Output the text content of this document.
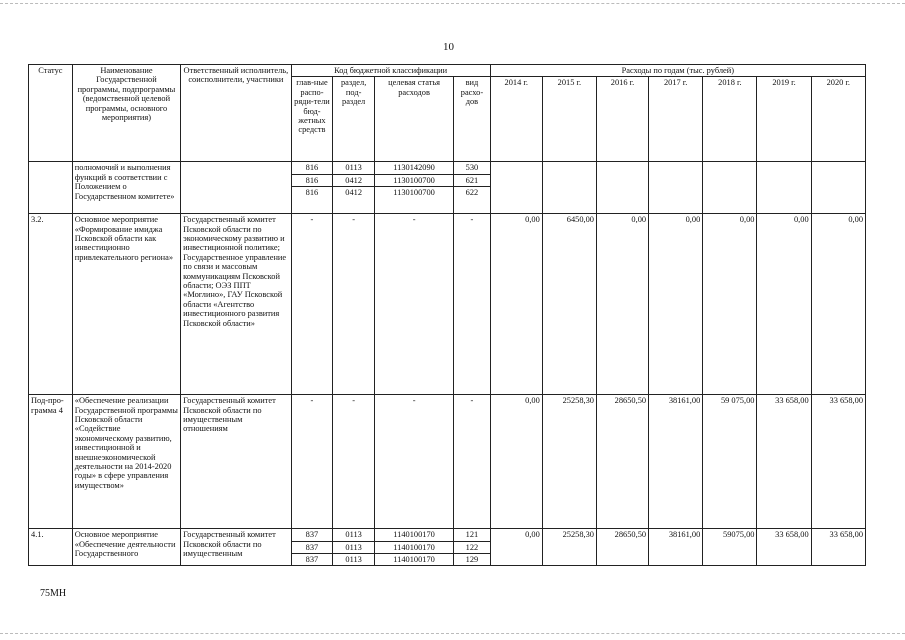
10
Статус	Наименование Государственной программы, подпрограммы (ведомственной целевой программы, основного мероприятия)	Ответственный исполнитель, соисполнители, участники	Код бюджетной классификации				Расходы по годам (тыс. рублей)						
			глав-ные распо-ряди-тели бюд-жетных средств	раздел, под-раздел	целевая статья расходов	вид расхо-дов	2014 г.	2015 г.	2016 г.	2017 г.	2018 г.	2019 г.	2020 г.
	полномочий и выполнения функций в соответствии с Положением о Государственном комитете»		816	0113	1130142090	530							
			816	0412	1130100700	621							
			816	0412	1130100700	622							
3.2.	Основное мероприятие «Формирование имиджа Псковской области как инвестиционно привлекательного региона»	Государственный комитет Псковской области по экономическому развитию и инвестиционной политике; Государственное управление по связи и массовым коммуникациям Псковской области; ОЭЗ ППТ «Моглино», ГАУ Псковской области «Агентство инвестиционного развития Псковской области»	-	-	-	-	0,00	6450,00	0,00	0,00	0,00	0,00	0,00
Под-про-грамма 4	«Обеспечение реализации Государственной программы Псковской области «Содействие экономическому развитию, инвестиционной и внешнеэкономической деятельности на 2014-2020 годы» в сфере управления имуществом»	Государственный комитет Псковской области по имущественным отношениям	-	-	-	-	0,00	25258,30	28650,50	38161,00	59 075,00	33 658,00	33 658,00
4.1.	Основное мероприятие «Обеспечение деятельности Государственного	Государственный комитет Псковской области по имущественным	837	0113	1140100170	121	0,00	25258,30	28650,50	38161,00	59075,00	33 658,00	33 658,00
			837	0113	1140100170	122							
			837	0113	1140100170	129							
75МН
